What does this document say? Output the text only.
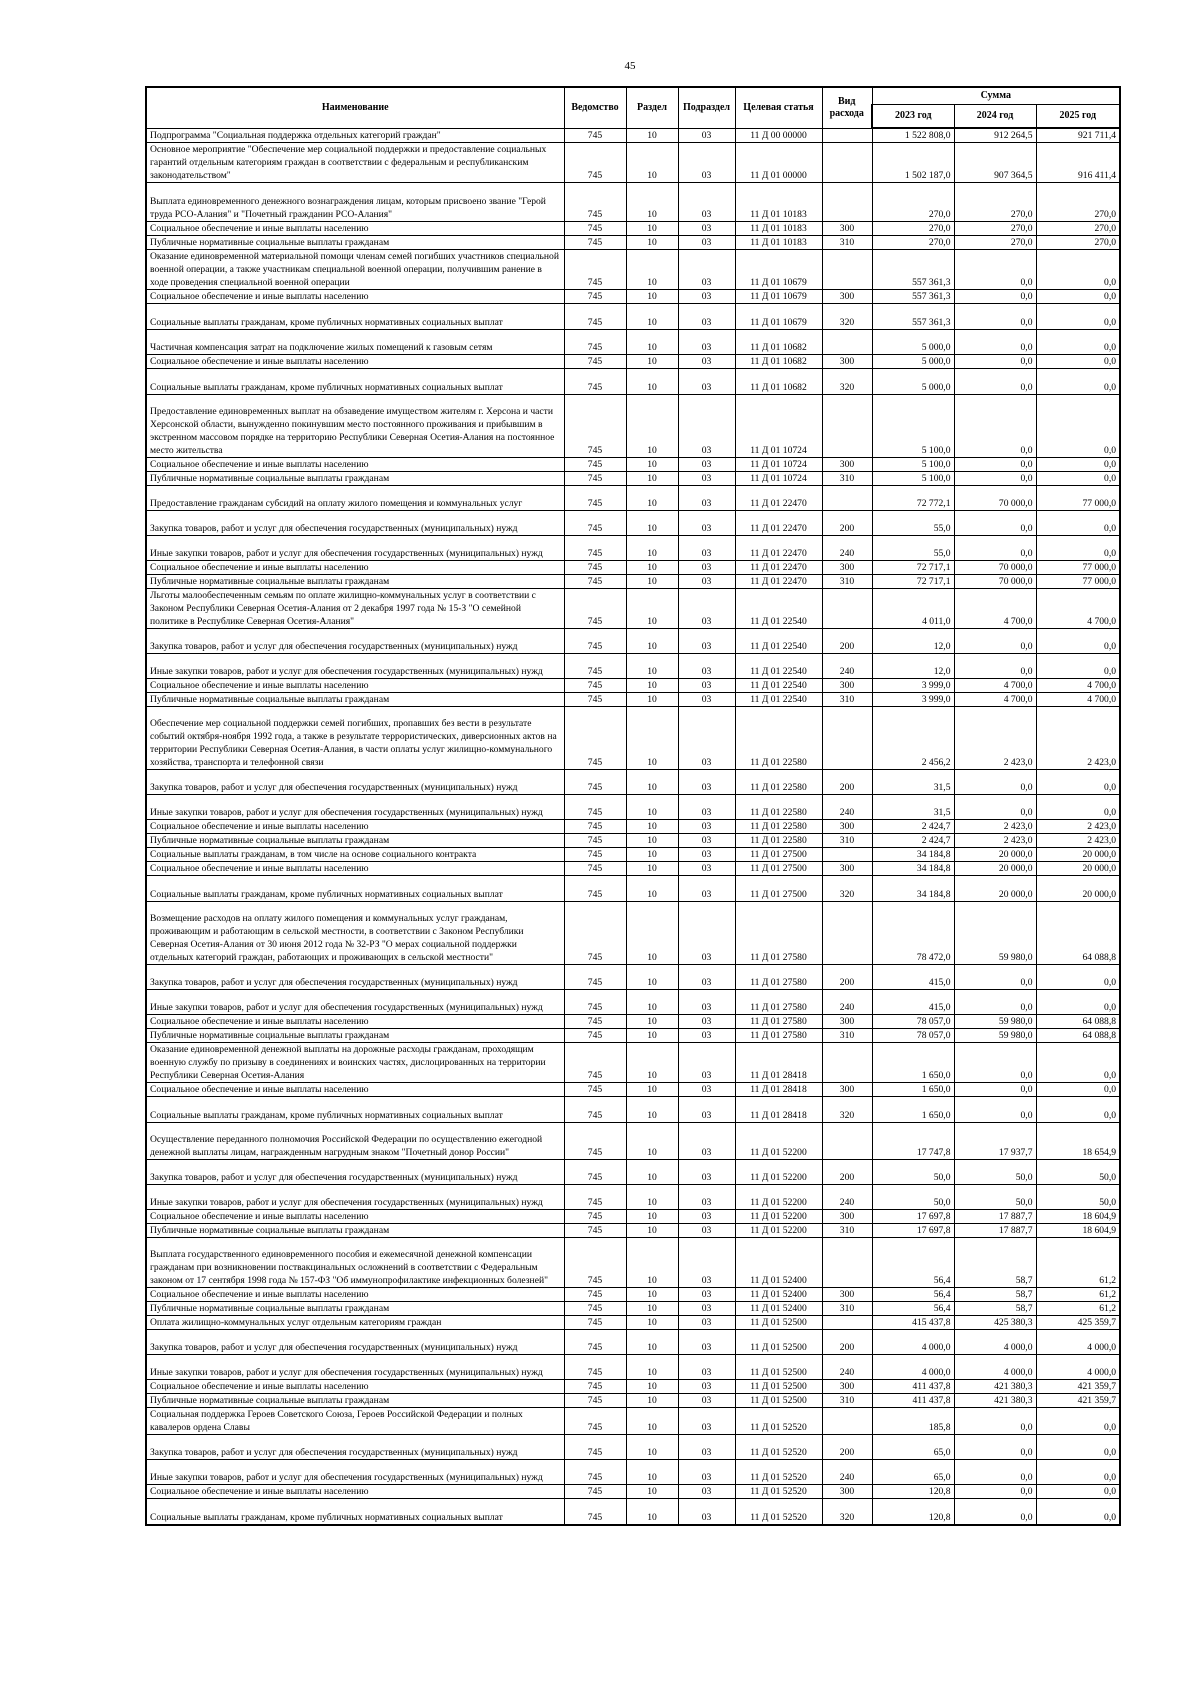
45
Наименование	Ведомство	Раздел	Подраздел	Целевая статья	Вид расхода	Сумма		
						2023 год	2024 год	2025 год
Подпрограмма "Социальная поддержка отдельных категорий граждан"	745	10	03	11 Д 00 00000		1 522 808,0	912 264,5	921 711,4
Основное мероприятие "Обеспечение мер социальной поддержки и предоставление социальных гарантий отдельным категориям граждан в соответствии с федеральным и республиканским законодательством"	745	10	03	11 Д 01 00000		1 502 187,0	907 364,5	916 411,4
Выплата единовременного денежного вознаграждения лицам, которым присвоено звание "Герой труда РСО-Алания" и "Почетный гражданин РСО-Алания"	745	10	03	11 Д 01 10183		270,0	270,0	270,0
Социальное обеспечение и иные выплаты населению	745	10	03	11 Д 01 10183	300	270,0	270,0	270,0
Публичные нормативные социальные выплаты гражданам	745	10	03	11 Д 01 10183	310	270,0	270,0	270,0
Оказание единовременной материальной помощи членам семей погибших участников специальной военной операции, а также участникам специальной военной операции, получившим ранение в ходе проведения специальной военной операции	745	10	03	11 Д 01 10679		557 361,3	0,0	0,0
Социальное обеспечение и иные выплаты населению	745	10	03	11 Д 01 10679	300	557 361,3	0,0	0,0
Социальные выплаты гражданам, кроме публичных нормативных социальных выплат	745	10	03	11 Д 01 10679	320	557 361,3	0,0	0,0
Частичная компенсация затрат на подключение жилых помещений к газовым сетям	745	10	03	11 Д 01 10682		5 000,0	0,0	0,0
Социальное обеспечение и иные выплаты населению	745	10	03	11 Д 01 10682	300	5 000,0	0,0	0,0
Социальные выплаты гражданам, кроме публичных нормативных социальных выплат	745	10	03	11 Д 01 10682	320	5 000,0	0,0	0,0
Предоставление единовременных выплат на обзаведение имуществом жителям г. Херсона и части Херсонской области, вынужденно покинувшим место постоянного проживания и прибывшим в экстренном массовом порядке на территорию Республики Северная Осетия-Алания на постоянное место жительства	745	10	03	11 Д 01 10724		5 100,0	0,0	0,0
Социальное обеспечение и иные выплаты населению	745	10	03	11 Д 01 10724	300	5 100,0	0,0	0,0
Публичные нормативные социальные выплаты гражданам	745	10	03	11 Д 01 10724	310	5 100,0	0,0	0,0
Предоставление гражданам субсидий на оплату жилого помещения и коммунальных услуг	745	10	03	11 Д 01 22470		72 772,1	70 000,0	77 000,0
Закупка товаров, работ и услуг для обеспечения государственных (муниципальных) нужд	745	10	03	11 Д 01 22470	200	55,0	0,0	0,0
Иные закупки товаров, работ и услуг для обеспечения государственных (муниципальных) нужд	745	10	03	11 Д 01 22470	240	55,0	0,0	0,0
Социальное обеспечение и иные выплаты населению	745	10	03	11 Д 01 22470	300	72 717,1	70 000,0	77 000,0
Публичные нормативные социальные выплаты гражданам	745	10	03	11 Д 01 22470	310	72 717,1	70 000,0	77 000,0
Льготы малообеспеченным семьям по оплате жилищно-коммунальных услуг в соответствии с Законом Республики Северная Осетия-Алания от 2 декабря 1997 года № 15-З "О семейной политике в Республике Северная Осетия-Алания"	745	10	03	11 Д 01 22540		4 011,0	4 700,0	4 700,0
Закупка товаров, работ и услуг для обеспечения государственных (муниципальных) нужд	745	10	03	11 Д 01 22540	200	12,0	0,0	0,0
Иные закупки товаров, работ и услуг для обеспечения государственных (муниципальных) нужд	745	10	03	11 Д 01 22540	240	12,0	0,0	0,0
Социальное обеспечение и иные выплаты населению	745	10	03	11 Д 01 22540	300	3 999,0	4 700,0	4 700,0
Публичные нормативные социальные выплаты гражданам	745	10	03	11 Д 01 22540	310	3 999,0	4 700,0	4 700,0
Обеспечение мер социальной поддержки семей погибших, пропавших без вести в результате событий октября-ноября 1992 года, а также в результате террористических, диверсионных актов на территории Республики Северная Осетия-Алания, в части оплаты услуг жилищно-коммунального хозяйства, транспорта и телефонной связи	745	10	03	11 Д 01 22580		2 456,2	2 423,0	2 423,0
Закупка товаров, работ и услуг для обеспечения государственных (муниципальных) нужд	745	10	03	11 Д 01 22580	200	31,5	0,0	0,0
Иные закупки товаров, работ и услуг для обеспечения государственных (муниципальных) нужд	745	10	03	11 Д 01 22580	240	31,5	0,0	0,0
Социальное обеспечение и иные выплаты населению	745	10	03	11 Д 01 22580	300	2 424,7	2 423,0	2 423,0
Публичные нормативные социальные выплаты гражданам	745	10	03	11 Д 01 22580	310	2 424,7	2 423,0	2 423,0
Социальные выплаты гражданам, в том числе на основе социального контракта	745	10	03	11 Д 01 27500		34 184,8	20 000,0	20 000,0
Социальное обеспечение и иные выплаты населению	745	10	03	11 Д 01 27500	300	34 184,8	20 000,0	20 000,0
Социальные выплаты гражданам, кроме публичных нормативных социальных выплат	745	10	03	11 Д 01 27500	320	34 184,8	20 000,0	20 000,0
Возмещение расходов на оплату жилого помещения и коммунальных услуг гражданам, проживающим и работающим в сельской местности, в соответствии с Законом Республики Северная Осетия-Алания от 30 июня 2012 года № 32-РЗ "О мерах социальной поддержки отдельных категорий граждан, работающих и проживающих в сельской местности"	745	10	03	11 Д 01 27580		78 472,0	59 980,0	64 088,8
Закупка товаров, работ и услуг для обеспечения государственных (муниципальных) нужд	745	10	03	11 Д 01 27580	200	415,0	0,0	0,0
Иные закупки товаров, работ и услуг для обеспечения государственных (муниципальных) нужд	745	10	03	11 Д 01 27580	240	415,0	0,0	0,0
Социальное обеспечение и иные выплаты населению	745	10	03	11 Д 01 27580	300	78 057,0	59 980,0	64 088,8
Публичные нормативные социальные выплаты гражданам	745	10	03	11 Д 01 27580	310	78 057,0	59 980,0	64 088,8
Оказание единовременной денежной выплаты на дорожные расходы гражданам, проходящим военную службу по призыву в соединениях и воинских частях, дислоцированных на территории Республики Северная Осетия-Алания	745	10	03	11 Д 01 28418		1 650,0	0,0	0,0
Социальное обеспечение и иные выплаты населению	745	10	03	11 Д 01 28418	300	1 650,0	0,0	0,0
Социальные выплаты гражданам, кроме публичных нормативных социальных выплат	745	10	03	11 Д 01 28418	320	1 650,0	0,0	0,0
Осуществление переданного полномочия Российской Федерации по осуществлению ежегодной денежной выплаты лицам, награжденным нагрудным знаком "Почетный донор России"	745	10	03	11 Д 01 52200		17 747,8	17 937,7	18 654,9
Закупка товаров, работ и услуг для обеспечения государственных (муниципальных) нужд	745	10	03	11 Д 01 52200	200	50,0	50,0	50,0
Иные закупки товаров, работ и услуг для обеспечения государственных (муниципальных) нужд	745	10	03	11 Д 01 52200	240	50,0	50,0	50,0
Социальное обеспечение и иные выплаты населению	745	10	03	11 Д 01 52200	300	17 697,8	17 887,7	18 604,9
Публичные нормативные социальные выплаты гражданам	745	10	03	11 Д 01 52200	310	17 697,8	17 887,7	18 604,9
Выплата государственного единовременного пособия и ежемесячной денежной компенсации гражданам при возникновении поствакцинальных осложнений в соответствии с Федеральным законом от 17 сентября 1998 года № 157-ФЗ "Об иммунопрофилактике инфекционных болезней"	745	10	03	11 Д 01 52400		56,4	58,7	61,2
Социальное обеспечение и иные выплаты населению	745	10	03	11 Д 01 52400	300	56,4	58,7	61,2
Публичные нормативные социальные выплаты гражданам	745	10	03	11 Д 01 52400	310	56,4	58,7	61,2
Оплата жилищно-коммунальных услуг отдельным категориям граждан	745	10	03	11 Д 01 52500		415 437,8	425 380,3	425 359,7
Закупка товаров, работ и услуг для обеспечения государственных (муниципальных) нужд	745	10	03	11 Д 01 52500	200	4 000,0	4 000,0	4 000,0
Иные закупки товаров, работ и услуг для обеспечения государственных (муниципальных) нужд	745	10	03	11 Д 01 52500	240	4 000,0	4 000,0	4 000,0
Социальное обеспечение и иные выплаты населению	745	10	03	11 Д 01 52500	300	411 437,8	421 380,3	421 359,7
Публичные нормативные социальные выплаты гражданам	745	10	03	11 Д 01 52500	310	411 437,8	421 380,3	421 359,7
Социальная поддержка Героев Советского Союза, Героев Российской Федерации и полных кавалеров ордена Славы	745	10	03	11 Д 01 52520		185,8	0,0	0,0
Закупка товаров, работ и услуг для обеспечения государственных (муниципальных) нужд	745	10	03	11 Д 01 52520	200	65,0	0,0	0,0
Иные закупки товаров, работ и услуг для обеспечения государственных (муниципальных) нужд	745	10	03	11 Д 01 52520	240	65,0	0,0	0,0
Социальное обеспечение и иные выплаты населению	745	10	03	11 Д 01 52520	300	120,8	0,0	0,0
Социальные выплаты гражданам, кроме публичных нормативных социальных выплат	745	10	03	11 Д 01 52520	320	120,8	0,0	0,0
